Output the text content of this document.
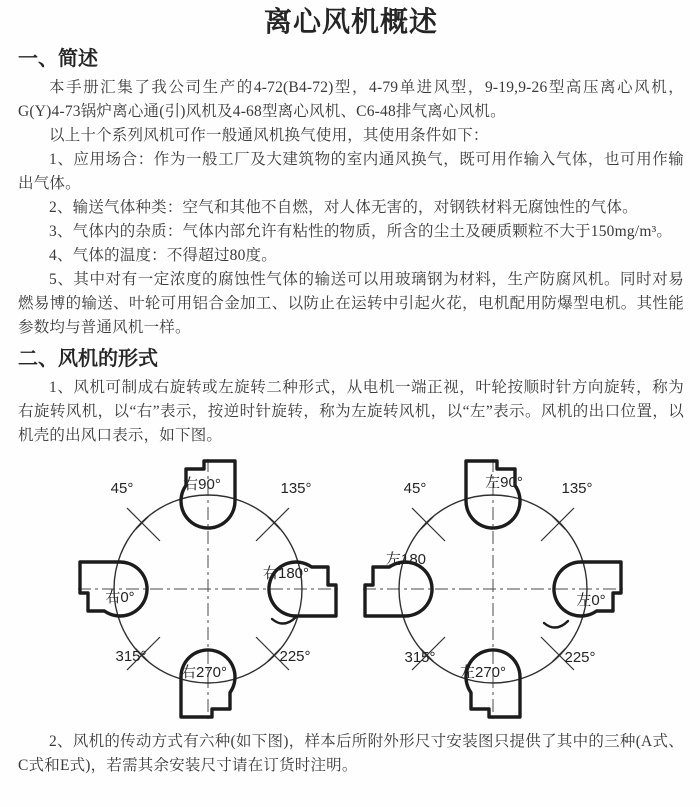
离心风机概述
一、简述

本手册汇集了我公司生产的4-72(B4-72)型，4-79单进风型，9-19,9-26型高压离心风机，G(Y)4-73锅炉离心通(引)风机及4-68型离心风机、C6-48排气离心风机。

以上十个系列风机可作一般通风机换气使用，其使用条件如下：

1、应用场合：作为一般工厂及大建筑物的室内通风换气，既可用作输入气体，也可用作输出气体。

2、输送气体种类：空气和其他不自燃，对人体无害的，对钢铁材料无腐蚀性的气体。

3、气体内的杂质：气体内部允许有粘性的物质，所含的尘土及硬质颗粒不大于150mg/m³。

4、气体的温度：不得超过80度。

5、其中对有一定浓度的腐蚀性气体的输送可以用玻璃钢为材料，生产防腐风机。同时对易燃易博的输送、叶轮可用铝合金加工、以防止在运转中引起火花，电机配用防爆型电机。其性能参数均与普通风机一样。

二、风机的形式

1、风机可制成右旋转或左旋转二种形式，从电机一端正视，叶轮按顺时针方向旋转，称为右旋转风机，以“右”表示，按逆时针旋转，称为左旋转风机，以“左”表示。风机的出口位置，以机壳的出风口表示，如下图。

45°	135°
315°	225°
右90°
右180°
右270°
右0°
45°	135°
315°	225°
左90°
左0°
左270°
左180

2、风机的传动方式有六种(如下图)，样本后所附外形尺寸安装图只提供了其中的三种(A式、C式和E式)，若需其余安装尺寸请在订货时注明。
